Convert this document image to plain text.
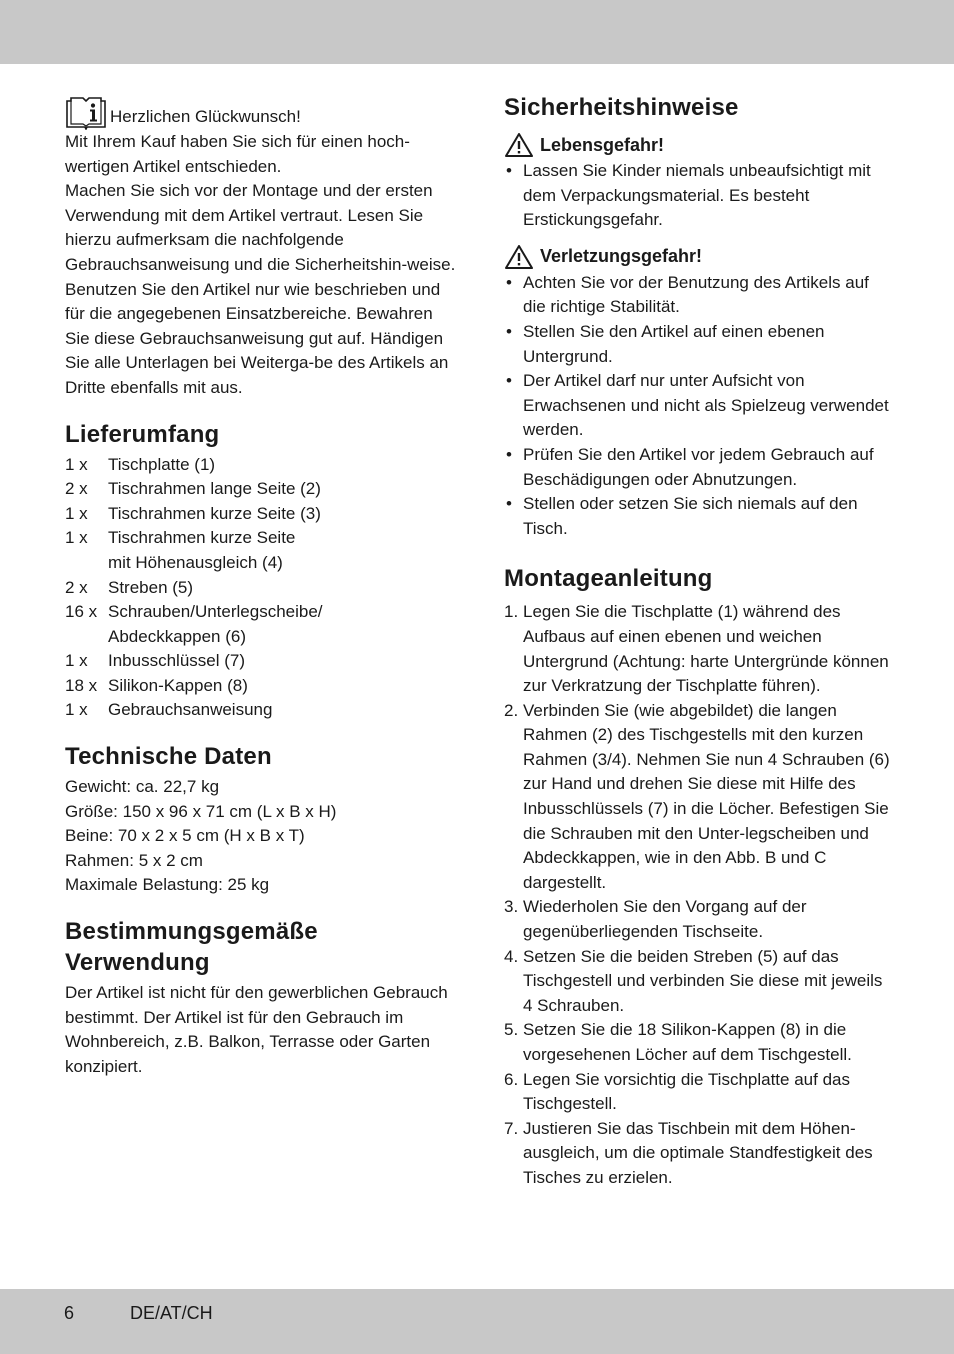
Herzlichen Glückwunsch!

Mit Ihrem Kauf haben Sie sich für einen hoch-wertigen Artikel entschieden.

Machen Sie sich vor der Montage und der ersten Verwendung mit dem Artikel vertraut. Lesen Sie hierzu aufmerksam die nachfolgende Gebrauchsanweisung und die Sicherheitshin-weise.

Benutzen Sie den Artikel nur wie beschrieben und für die angegebenen Einsatzbereiche. Bewahren Sie diese Gebrauchsanweisung gut auf. Händigen Sie alle Unterlagen bei Weiterga-be des Artikels an Dritte ebenfalls mit aus.

Lieferumfang
1 x	Tischplatte (1)
2 x	Tischrahmen lange Seite (2)
1 x	Tischrahmen kurze Seite (3)
1 x	Tischrahmen kurze Seite mit Höhenausgleich (4)
2 x	Streben (5)
16 x Schrauben/Unterlegscheibe/ Abdeckkappen (6)
1 x	Inbusschlüssel (7)
18 x Silikon-Kappen (8)
1 x	Gebrauchsanweisung
Technische Daten

Gewicht: ca. 22,7 kg

Größe: 150 x 96 x 71 cm (L x B x H)

Beine: 70 x 2 x 5 cm (H x B x T)

Rahmen: 5 x 2 cm

Maximale Belastung: 25 kg

Bestimmungsgemäße
Verwendung

Der Artikel ist nicht für den gewerblichen Gebrauch bestimmt. Der Artikel ist für den Gebrauch im Wohnbereich, z.B. Balkon, Terrasse oder Garten konzipiert.

Sicherheitshinweise
Lebensgefahr!
• Lassen Sie Kinder niemals unbeaufsichtigt mit dem Verpackungsmaterial. Es besteht Erstickungsgefahr.
Verletzungsgefahr!
• Achten Sie vor der Benutzung des Artikels auf die richtige Stabilität.
• Stellen Sie den Artikel auf einen ebenen Untergrund.
• Der Artikel darf nur unter Aufsicht von Erwachsenen und nicht als Spielzeug verwendet werden.
• Prüfen Sie den Artikel vor jedem Gebrauch auf Beschädigungen oder Abnutzungen.
• Stellen oder setzen Sie sich niemals auf den Tisch.
Montageanleitung
1. Legen Sie die Tischplatte (1) während des Aufbaus auf einen ebenen und weichen Untergrund (Achtung: harte Untergründe können zur Verkratzung der Tischplatte führen).
2. Verbinden Sie (wie abgebildet) die langen Rahmen (2) des Tischgestells mit den kurzen Rahmen (3/4). Nehmen Sie nun 4 Schrauben (6) zur Hand und drehen Sie diese mit Hilfe des Inbusschlüssels (7) in die Löcher. Befestigen Sie die Schrauben mit den Unter-legscheiben und Abdeckkappen, wie in den Abb. B und C dargestellt.
3. Wiederholen Sie den Vorgang auf der gegenüberliegenden Tischseite.
4. Setzen Sie die beiden Streben (5) auf das Tischgestell und verbinden Sie diese mit jeweils 4 Schrauben.
5. Setzen Sie die 18 Silikon-Kappen (8) in die vorgesehenen Löcher auf dem Tischgestell.
6. Legen Sie vorsichtig die Tischplatte auf das Tischgestell.
7. Justieren Sie das Tischbein mit dem Höhen-ausgleich, um die optimale Standfestigkeit des Tisches zu erzielen.
6	DE/AT/CH
